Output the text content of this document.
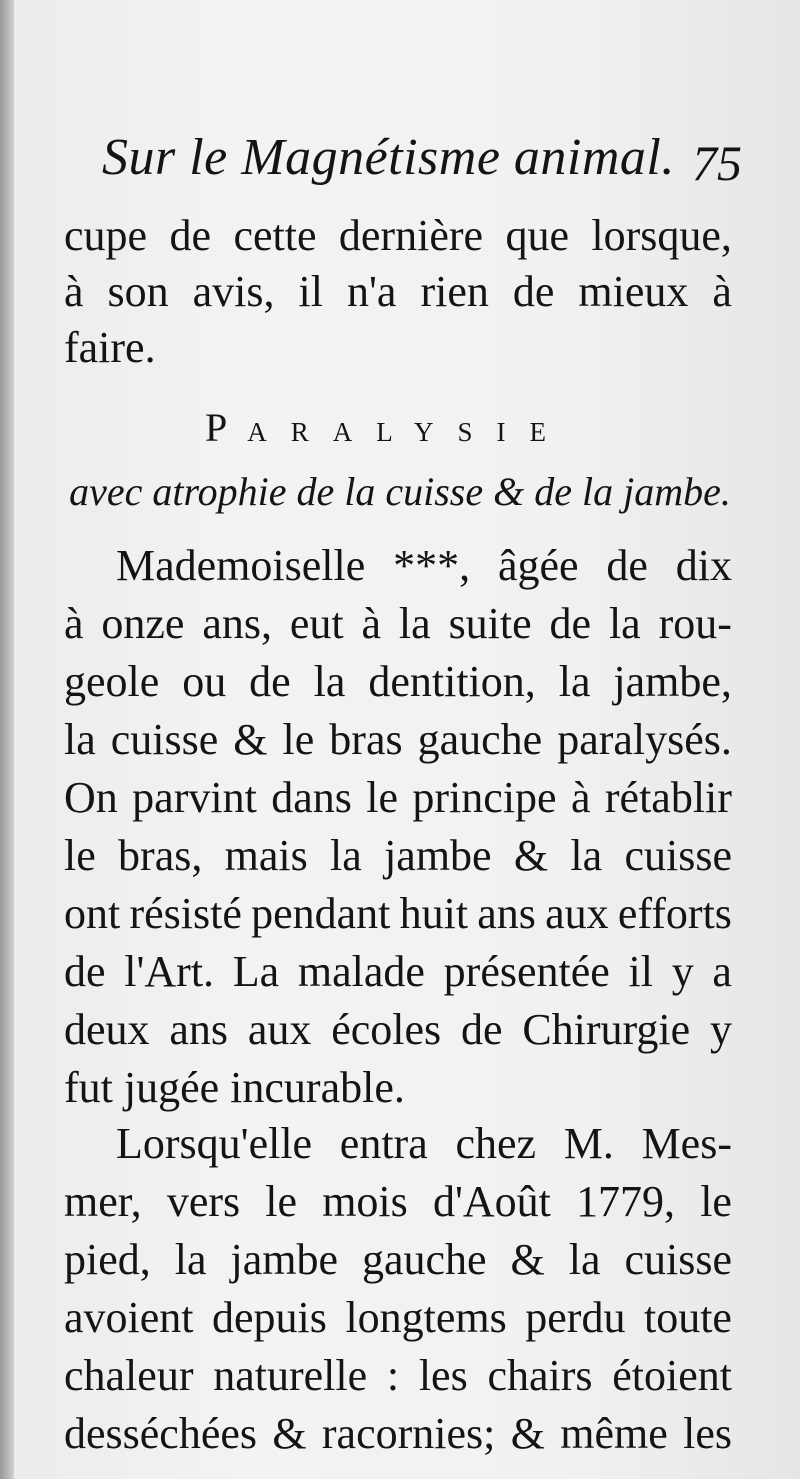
Sur le Magnétisme animal. 75
cupe de cette dernière que lorsque,
à son avis, il n'a rien de mieux à
faire.
Mademoiselle ***, âgée de dix
à onze ans, eut à la suite de la rou-
geole ou de la dentition, la jambe,
la cuisse & le bras gauche paralysés.
On parvint dans le principe à rétablir
le bras, mais la jambe & la cuisse
ont résisté pendant huit ans aux efforts
de l'Art. La malade présentée il y a
deux ans aux écoles de Chirurgie y
fut jugée incurable.
Lorsqu'elle entra chez M. Mes-
mer, vers le mois d'Août 1779, le
pied, la jambe gauche & la cuisse
avoient depuis longtems perdu toute
chaleur naturelle : les chairs étoient
desséchées & racornies; & même les
PARALYSIE
avec atrophie de la cuisse & de la jambe.
